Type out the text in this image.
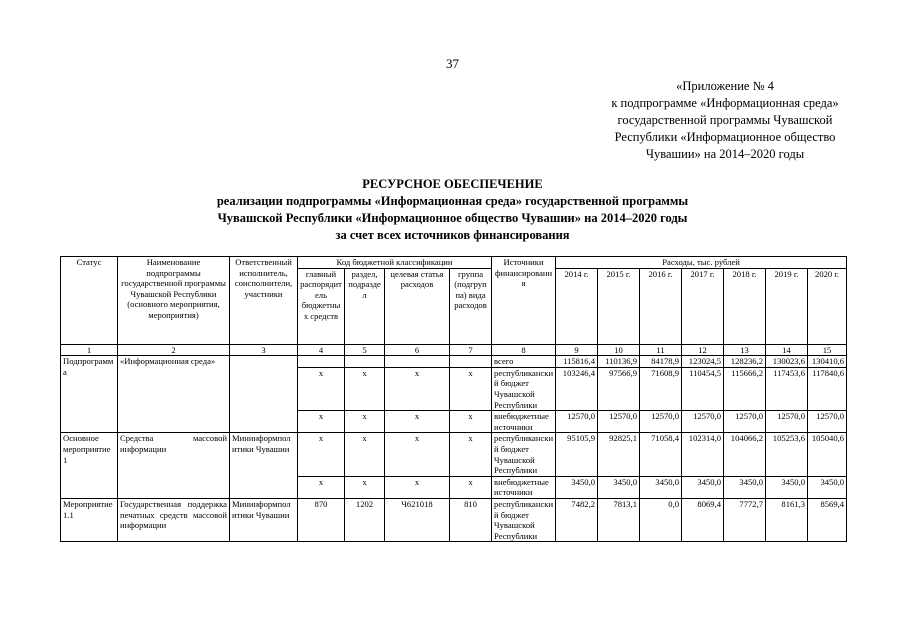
37
«Приложение № 4
к подпрограмме «Информационная среда»
государственной программы Чувашской
Республики «Информационное общество
Чувашии» на 2014–2020 годы
РЕСУРСНОЕ ОБЕСПЕЧЕНИЕ
реализации подпрограммы «Информационная среда» государственной программы
Чувашской Республики «Информационное общество Чувашии» на 2014–2020 годы
за счет всех источников финансирования
Статус	Наименование подпрограммы государственной программы Чувашской Республики (основного мероприятия, мероприятия)	Ответственный исполнитель, соисполнители, участники	Код бюджетной классификации				Источники финансирования	Расходы, тыс. рублей						
			главный распорядитель бюджетных средств	раздел, подраздел	целевая статья расходов	группа (подгруппа) вида расходов		2014 г.	2015 г.	2016 г.	2017 г.	2018 г.	2019 г.	2020 г.
1	2	3	4	5	6	7	8	9	10	11	12	13	14	15
Подпрограмма	«Информационная среда»						всего	115816,4	110136,9	84178,9	123024,5	128236,2	130023,6	130410,6
			х	х	х	х	республиканский бюджет Чувашской Республики	103246,4	97566,9	71608,9	110454,5	115666,2	117453,6	117840,6
			х	х	х	х	внебюджетные источники	12570,0	12570,0	12570,0	12570,0	12570,0	12570,0	12570,0
Основное мероприятие 1	Средства массовой информации	Мининформполитики Чувашии	х	х	х	х	республиканский бюджет Чувашской Республики	95105,9	92825,1	71058,4	102314,0	104066,2	105253,6	105040,6
			х	х	х	х	внебюджетные источники	3450,0	3450,0	3450,0	3450,0	3450,0	3450,0	3450,0
Мероприятие 1.1	Государственная поддержка печатных средств массовой информации	Мининформполитики Чувашии	870	1202	Ч621018	810	республиканский бюджет Чувашской Республики	7482,2	7813,1	0,0	8069,4	7772,7	8161,3	8569,4
